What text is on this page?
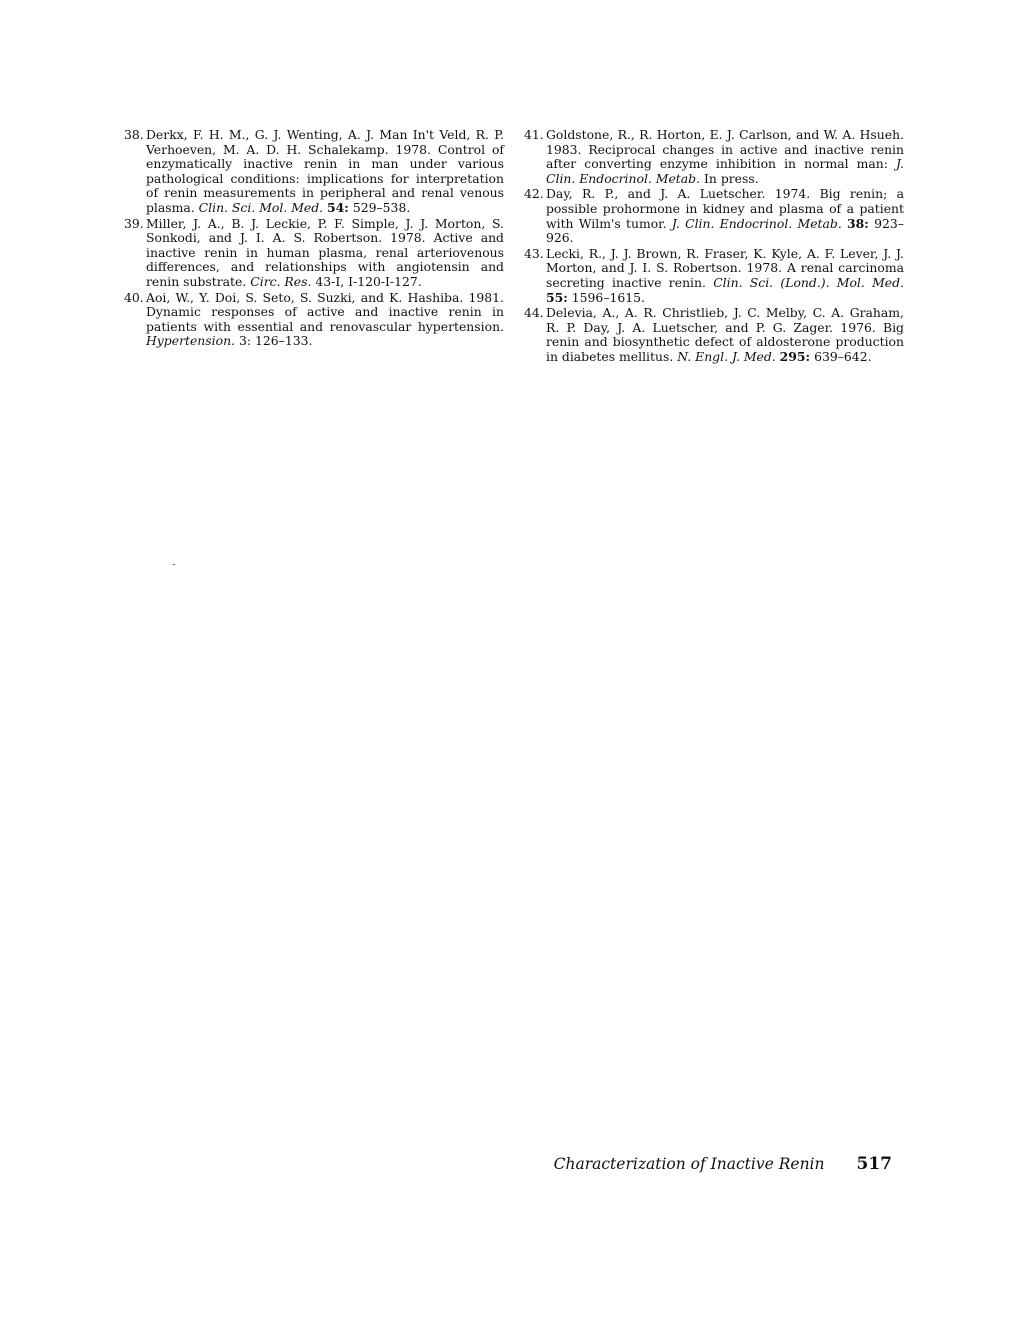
38. Derkx, F. H. M., G. J. Wenting, A. J. Man In't Veld, R. P. Verhoeven, M. A. D. H. Schalekamp. 1978. Control of enzymatically inactive renin in man under various pathological conditions: implications for interpretation of renin measurements in peripheral and renal venous plasma. Clin. Sci. Mol. Med. 54: 529–538.
39. Miller, J. A., B. J. Leckie, P. F. Simple, J. J. Morton, S. Sonkodi, and J. I. A. S. Robertson. 1978. Active and inactive renin in human plasma, renal arteriovenous differences, and relationships with angiotensin and renin substrate. Circ. Res. 43-I, I-120-I-127.
40. Aoi, W., Y. Doi, S. Seto, S. Suzki, and K. Hashiba. 1981. Dynamic responses of active and inactive renin in patients with essential and renovascular hypertension. Hypertension. 3: 126–133.
41. Goldstone, R., R. Horton, E. J. Carlson, and W. A. Hsueh. 1983. Reciprocal changes in active and inactive renin after converting enzyme inhibition in normal man: J. Clin. Endocrinol. Metab. In press.
42. Day, R. P., and J. A. Luetscher. 1974. Big renin; a possible prohormone in kidney and plasma of a patient with Wilm's tumor. J. Clin. Endocrinol. Metab. 38: 923–926.
43. Lecki, R., J. J. Brown, R. Fraser, K. Kyle, A. F. Lever, J. J. Morton, and J. I. S. Robertson. 1978. A renal carcinoma secreting inactive renin. Clin. Sci. (Lond.). Mol. Med. 55: 1596–1615.
44. Delevia, A., A. R. Christlieb, J. C. Melby, C. A. Graham, R. P. Day, J. A. Luetscher, and P. G. Zager. 1976. Big renin and biosynthetic defect of aldosterone production in diabetes mellitus. N. Engl. J. Med. 295: 639–642.
Characterization of Inactive Renin 517
